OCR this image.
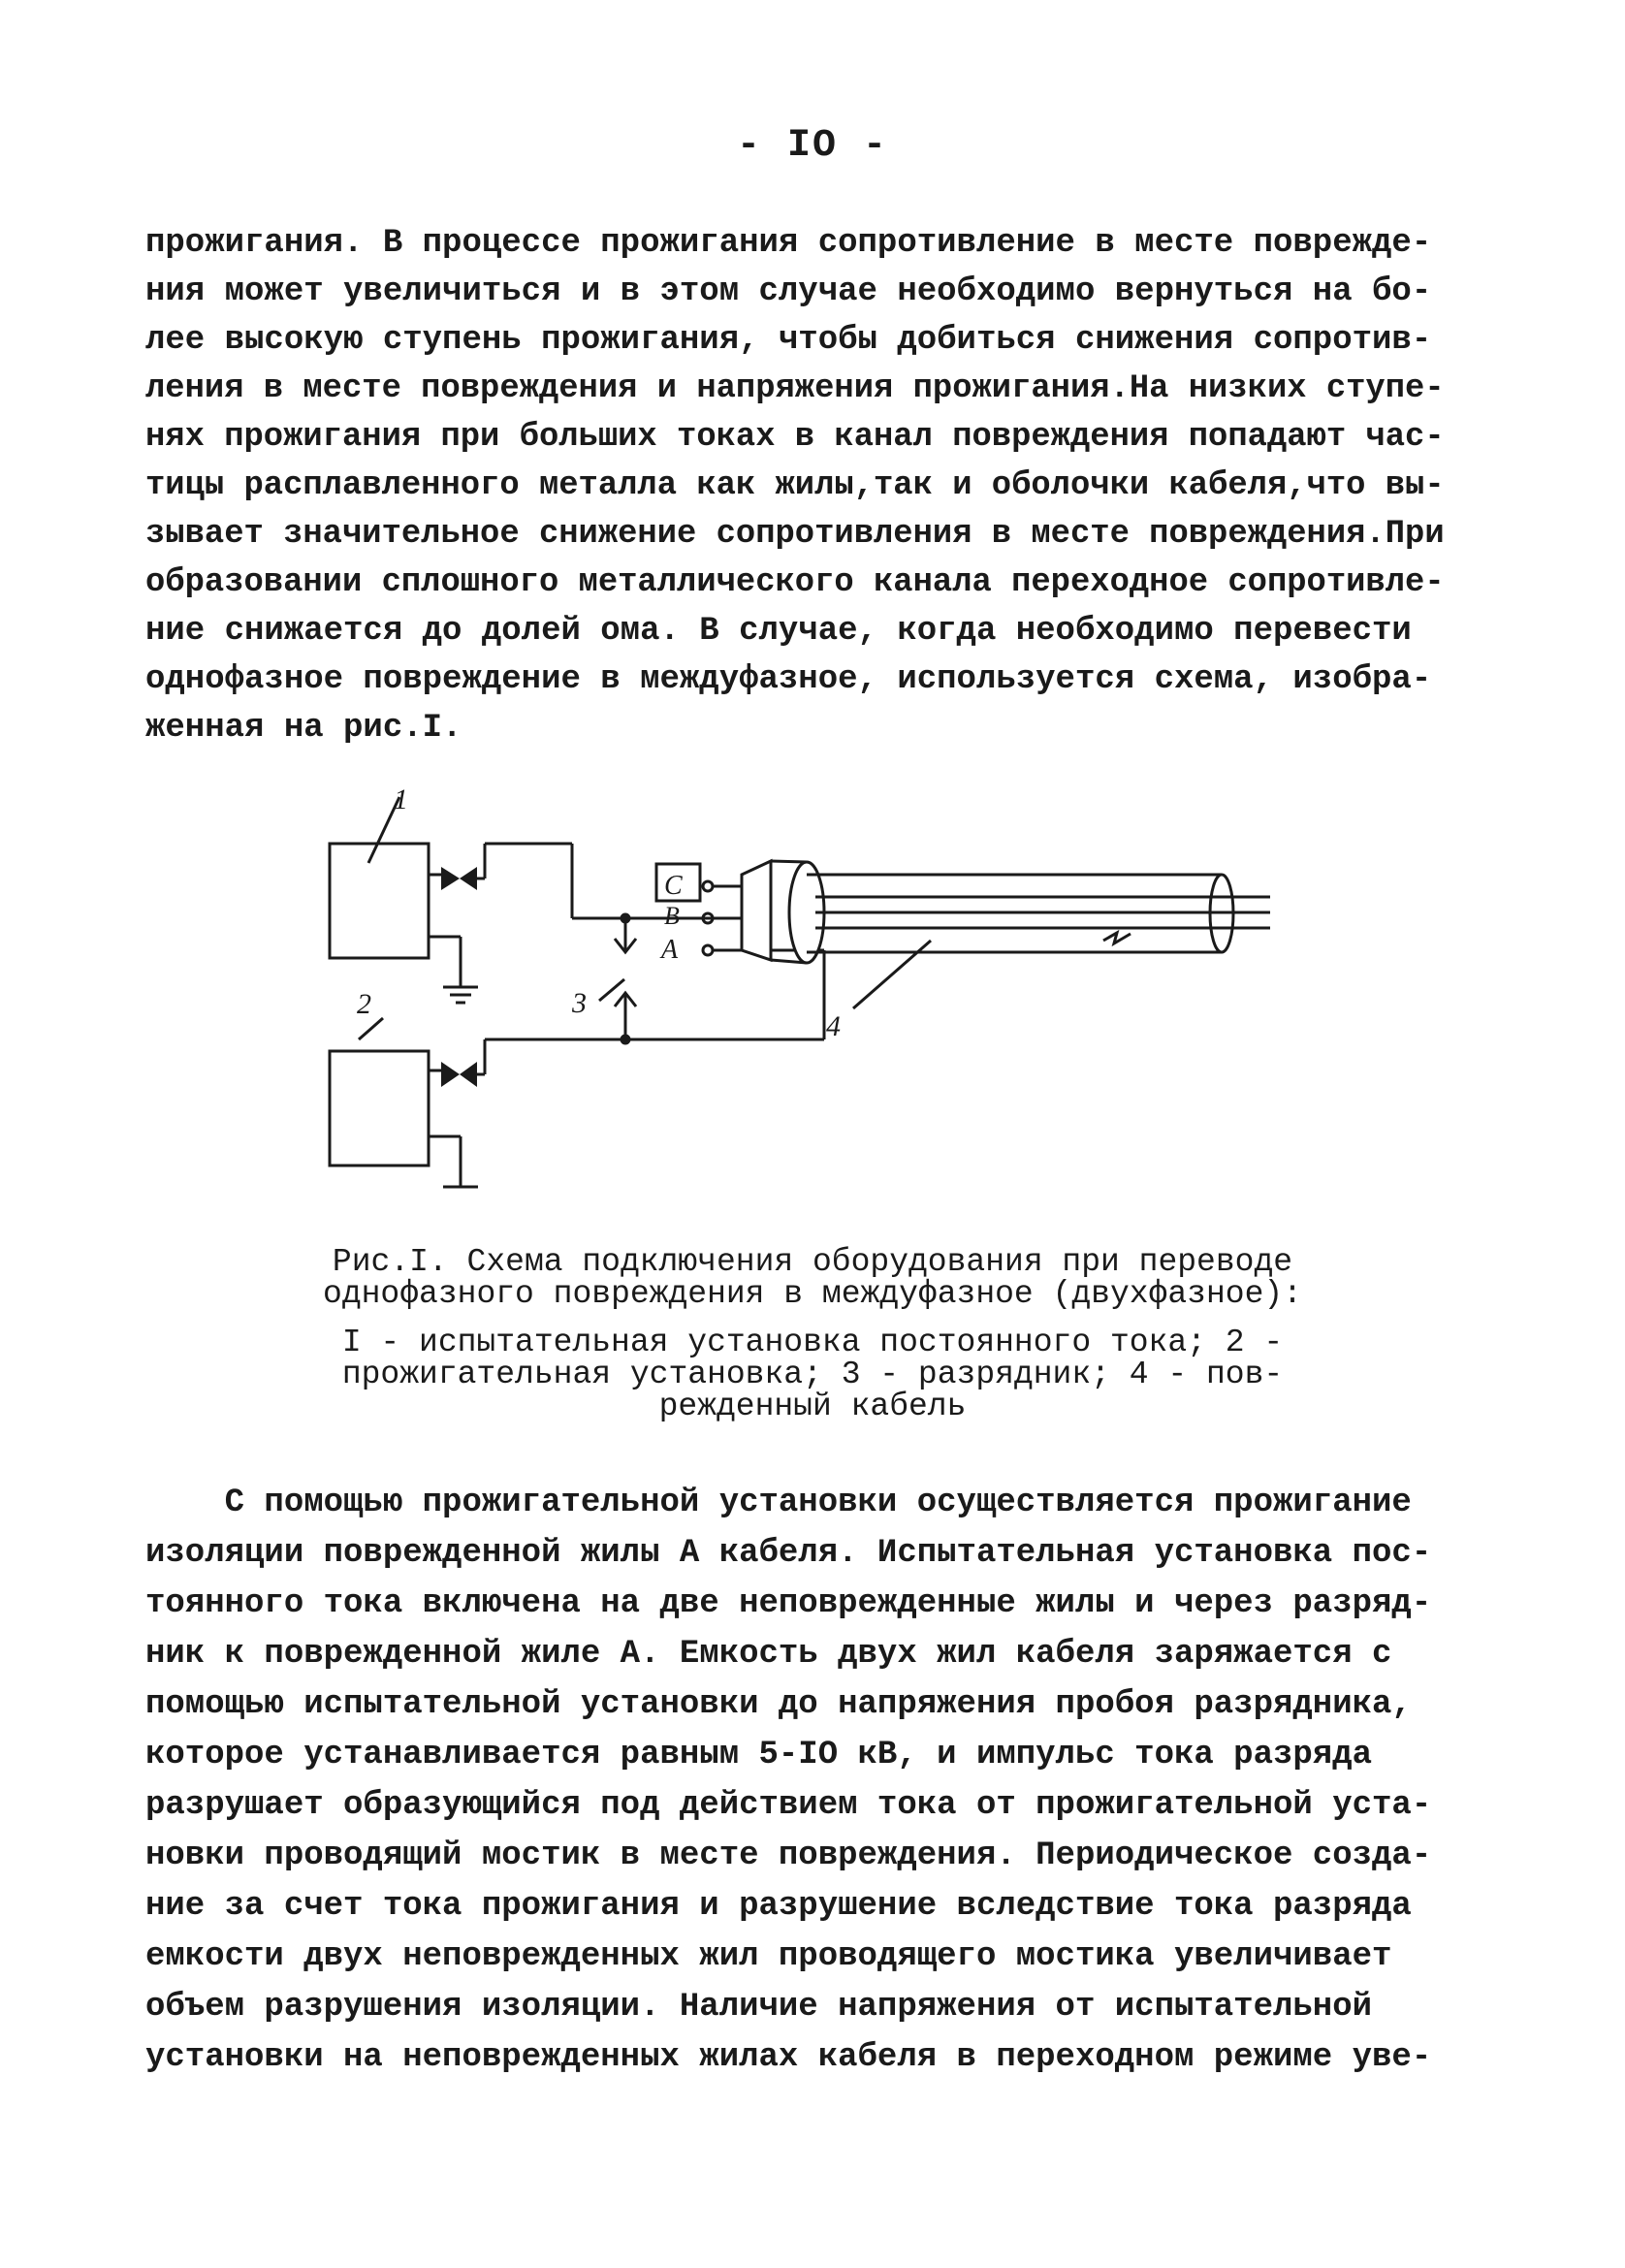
- IO -

прожигания. В процессе прожигания сопротивление в месте поврежде-

ния может увеличиться и в этом случае необходимо вернуться на бо-

лее высокую ступень прожигания, чтобы добиться снижения сопротив-

ления в месте повреждения и напряжения прожигания.На низких ступе-

нях прожигания при больших токах в канал повреждения попадают час-

тицы расплавленного металла как жилы,так и оболочки кабеля,что вы-

зывает значительное снижение сопротивления в месте повреждения.При

образовании сплошного металлического канала переходное сопротивле-

ние снижается до долей ома. В случае, когда необходимо перевести

однофазное повреждение в междуфазное, используется схема, изобра-

женная на рис.I.

1
2	3
C
B
A
4

Рис.I. Схема подключения оборудования при переводе

однофазного повреждения в междуфазное (двухфазное):

I - испытательная установка постоянного тока; 2 -

прожигательная установка; 3 - разрядник; 4 - пов-

режденный кабель

С помощью прожигательной установки осуществляется прожигание

изоляции поврежденной жилы А кабеля. Испытательная установка пос-

тоянного тока включена на две неповрежденные жилы и через разряд-

ник к поврежденной жиле А. Емкость двух жил кабеля заряжается с

помощью испытательной установки до напряжения пробоя разрядника,

которое устанавливается равным 5-IO кВ, и импульс тока разряда

разрушает образующийся под действием тока от прожигательной уста-

новки проводящий мостик в месте повреждения. Периодическое созда-

ние за счет тока прожигания и разрушение вследствие тока разряда

емкости двух неповрежденных жил проводящего мостика увеличивает

объем разрушения изоляции. Наличие напряжения от испытательной

установки на неповрежденных жилах кабеля в переходном режиме уве-
